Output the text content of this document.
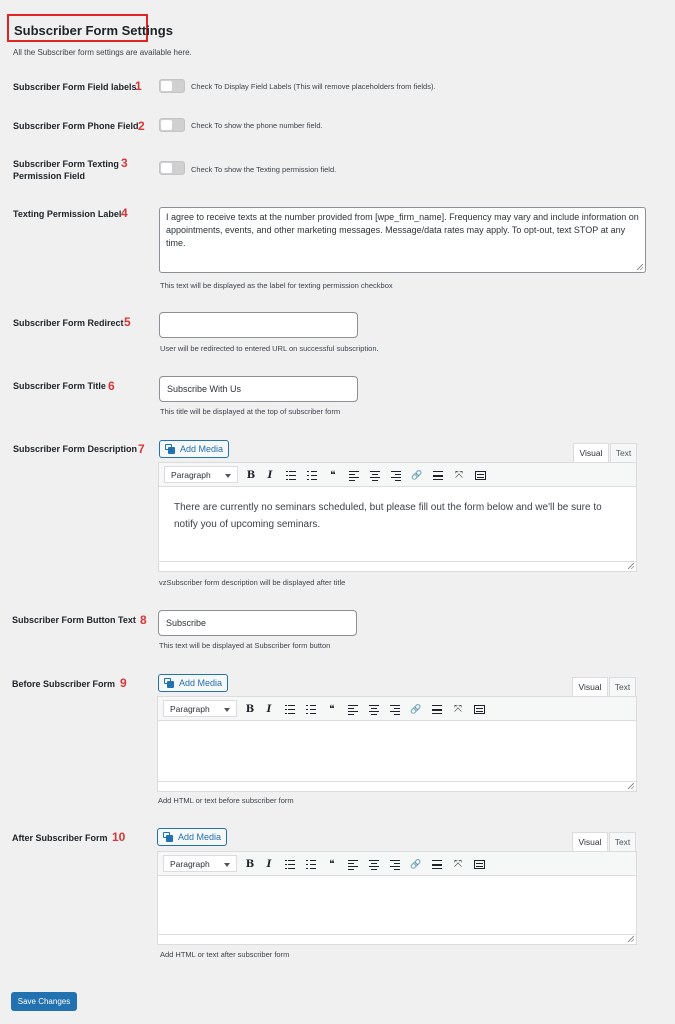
Subscriber Form Settings
All the Subscriber form settings are available here.
Subscriber Form Field labels
1	Check To Display Field Labels (This will remove placeholders from fields).
Subscriber Form Phone Field 2	Check To show the phone number field.
Subscriber Form Texting
Permission Field
3	Check To show the Texting permission field.
Texting Permission Label 4	I agree to receive texts at the number provided from [wpe_firm_name]. Frequency may vary and include information on appointments, events, and other marketing messages. Message/data rates may apply. To opt-out, text STOP at any time.
This text will be displayed as the label for texting permission checkbox
Subscriber Form Redirect 5
User will be redirected to entered URL on successful subscription.
Subscriber Form Title 6	Subscribe With Us
This title will be displayed at the top of subscriber form
Subscriber Form Description 7	Add Media	Visual	Text
Paragraph	B	I	❝	🔗	⤧
There are currently no seminars scheduled, but please fill out the form below and we'll be sure to notify you of upcoming seminars.
vzSubscriber form description will be displayed after title
Subscriber Form Button Text 8	Subscribe
This text will be displayed at Subscriber form button
Before Subscriber Form 9	Add Media	Visual	Text
Paragraph	B	I	❝	🔗	⤧
Add HTML or text before subscriber form
After Subscriber Form 10	Add Media	Visual	Text
Paragraph	B	I	❝	🔗	⤧
Add HTML or text after subscriber form
Save Changes
